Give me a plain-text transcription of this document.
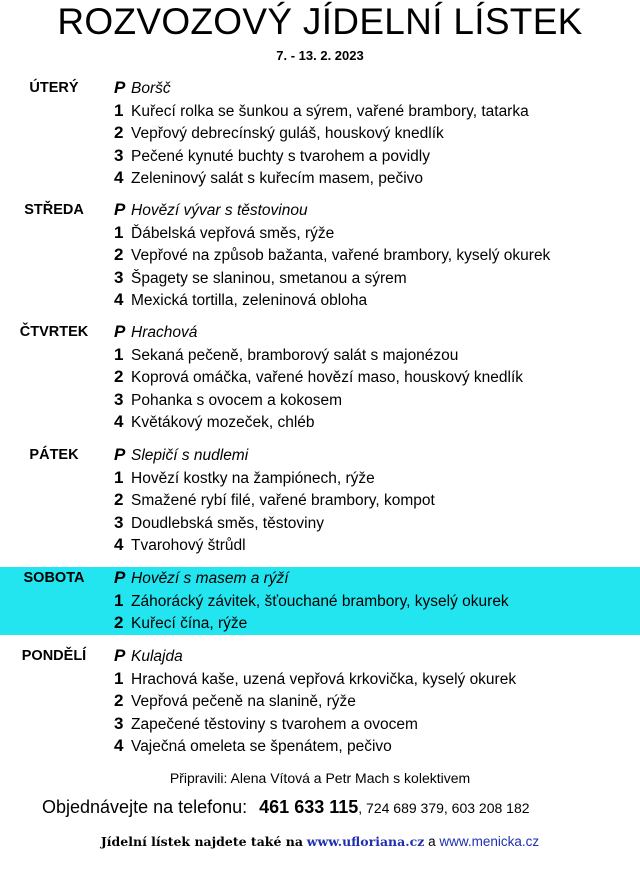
ROZVOZOVÝ JÍDELNÍ LÍSTEK
7. - 13. 2. 2023
ÚTERÝ	P Boršč
1 Kuřecí rolka se šunkou a sýrem, vařené brambory, tatarka
2 Vepřový debrecínský guláš, houskový knedlík
3 Pečené kynuté buchty s tvarohem a povidly
4 Zeleninový salát s kuřecím masem, pečivo
STŘEDA	P Hovězí vývar s těstovinou
1 Ďábelská vepřová směs, rýže
2 Vepřové na způsob bažanta, vařené brambory, kyselý okurek
3 Špagety se slaninou, smetanou a sýrem
4 Mexická tortilla, zeleninová obloha
ČTVRTEK	P Hrachová
1 Sekaná pečeně, bramborový salát s majonézou
2 Koprová omáčka, vařené hovězí maso, houskový knedlík
3 Pohanka s ovocem a kokosem
4 Květákový mozeček, chléb
PÁTEK	P Slepičí s nudlemi
1 Hovězí kostky na žampiónech, rýže
2 Smažené rybí filé, vařené brambory, kompot
3 Doudlebská směs, těstoviny
4 Tvarohový štrůdl
SOBOTA	P Hovězí s masem a rýží
1 Záhorácký závitek, šťouchané brambory, kyselý okurek
2 Kuřecí čína, rýže
PONDĚLÍ	P Kulajda
1 Hrachová kaše, uzená vepřová krkovička, kyselý okurek
2 Vepřová pečeně na slanině, rýže
3 Zapečené těstoviny s tvarohem a ovocem
4 Vaječná omeleta se špenátem, pečivo
Připravili: Alena Vítová a Petr Mach s kolektivem
Objednávejte na telefonu: 461 633 115, 724 689 379, 603 208 182
Jídelní lístek najdete také na www.ufloriana.cz a www.menicka.cz
